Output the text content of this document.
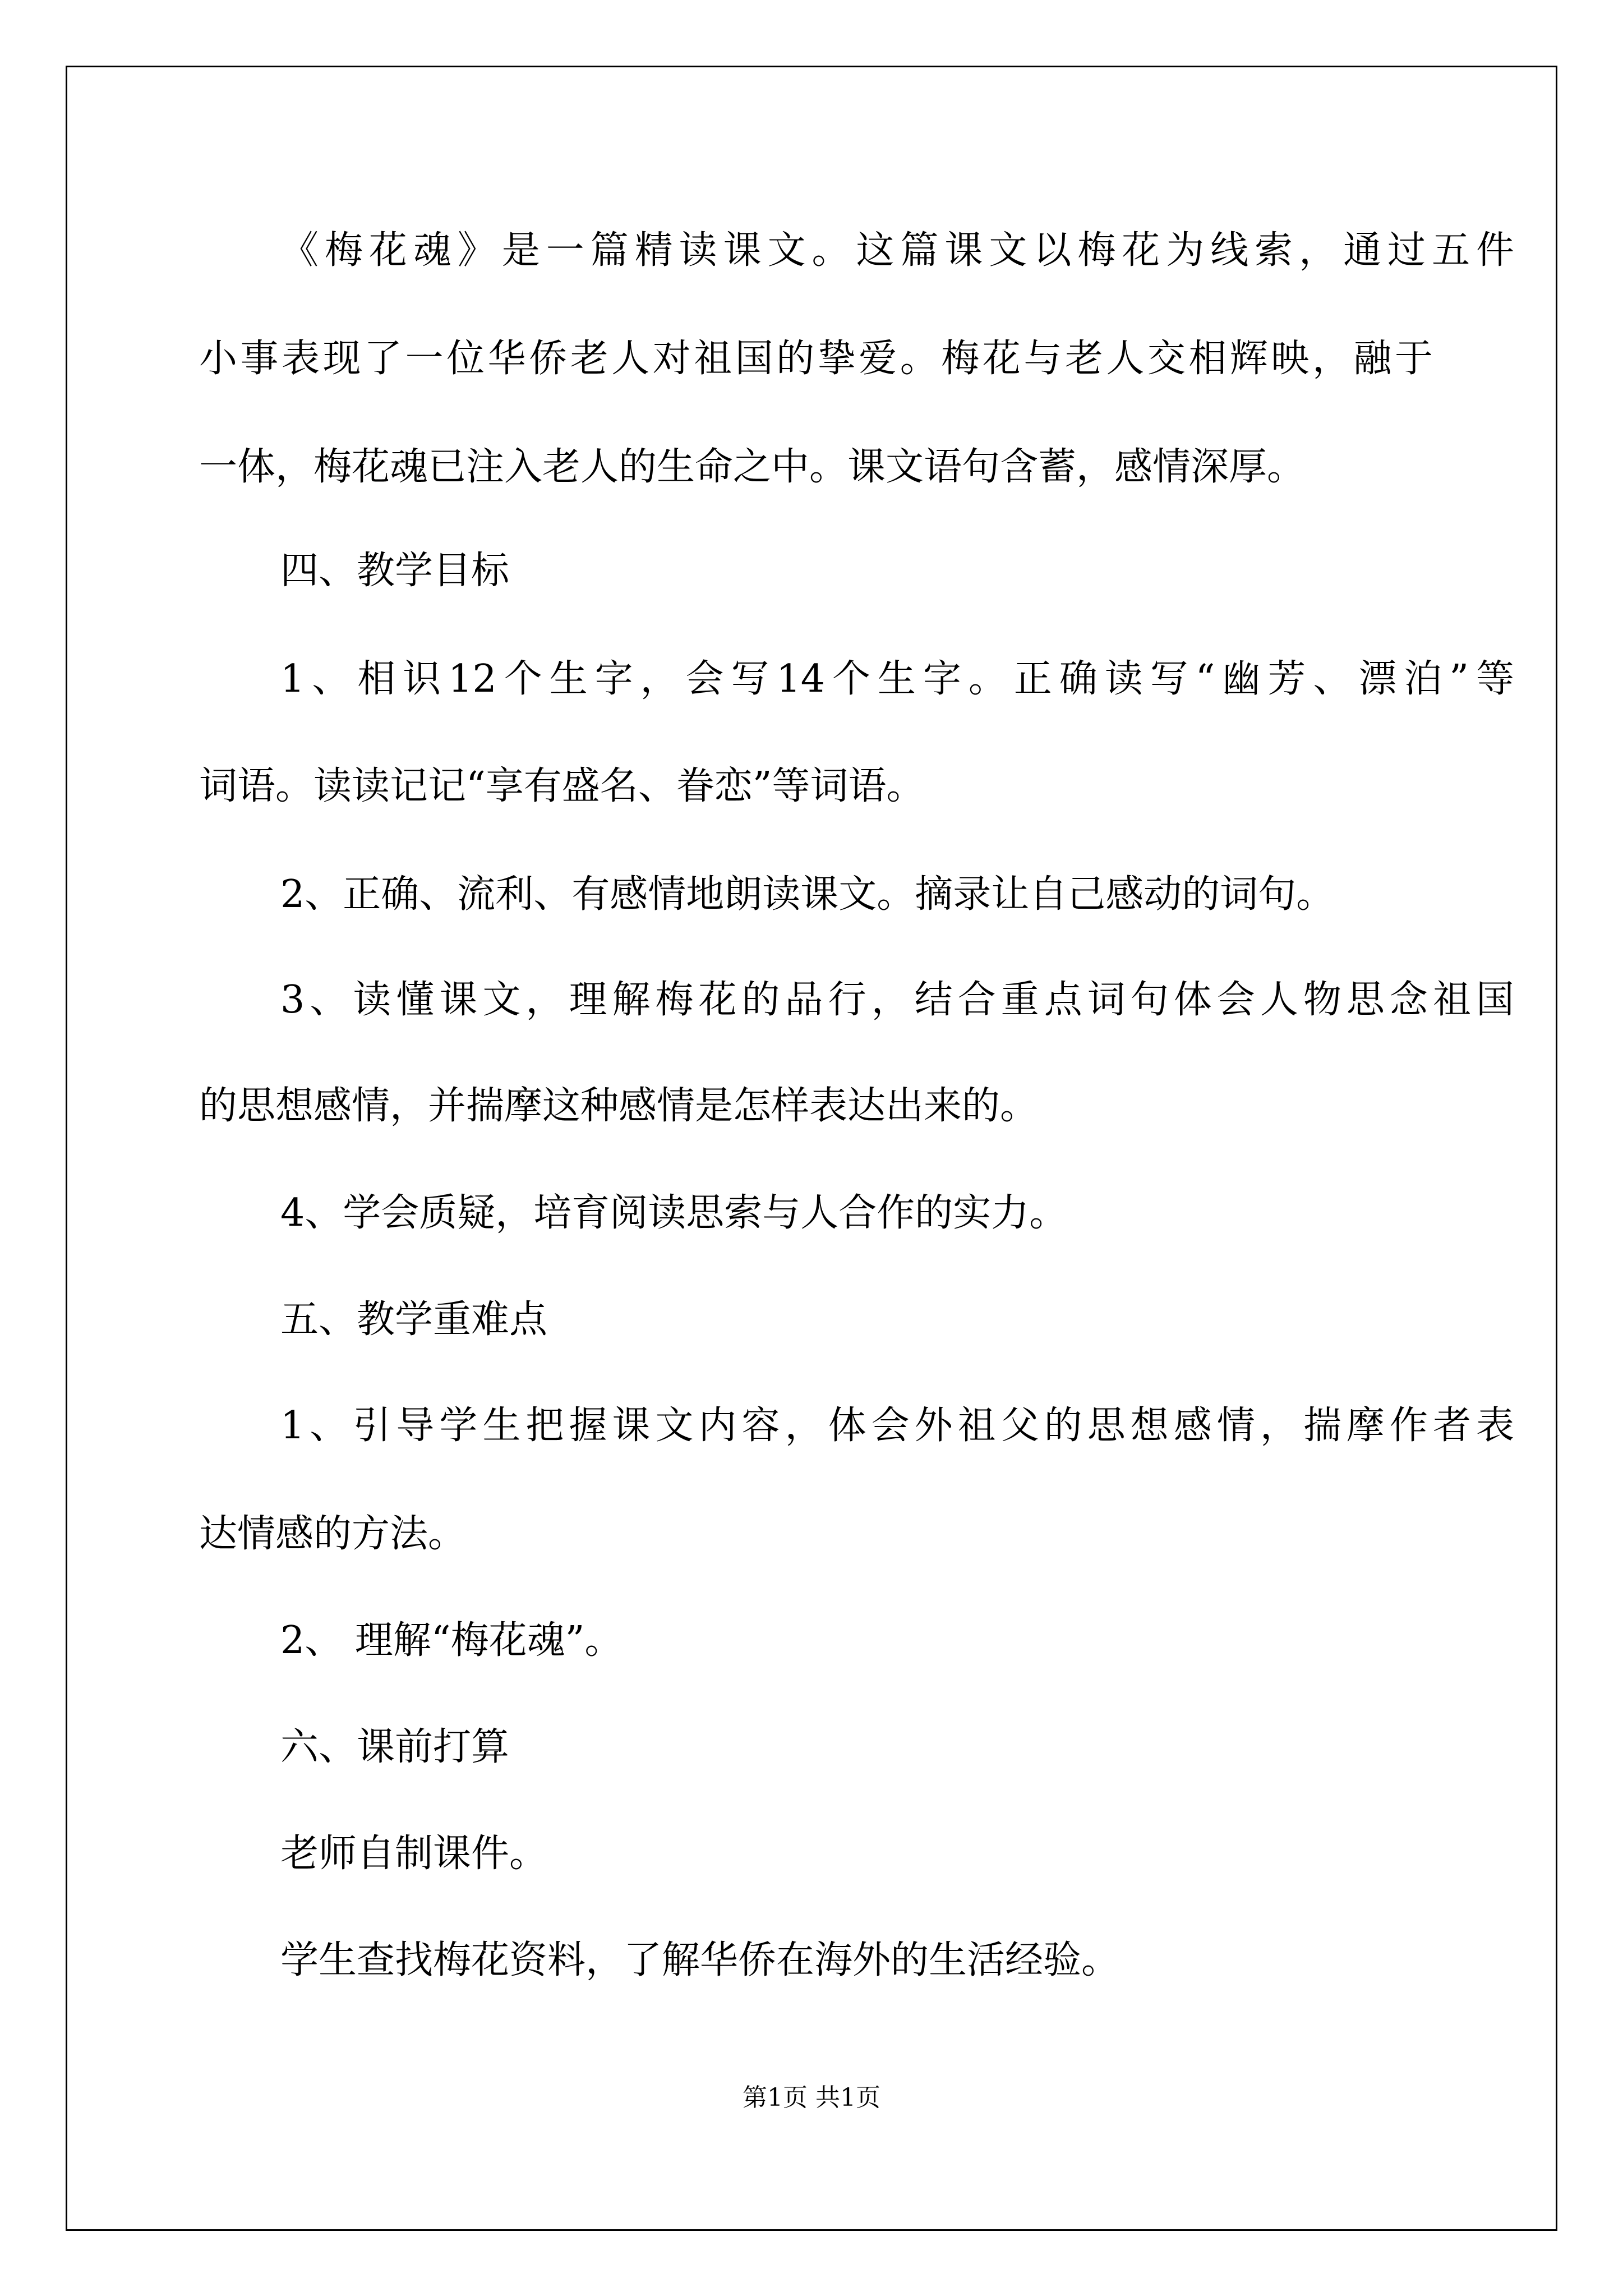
《梅花魂》是一篇精读课文。这篇课文以梅花为线索，通过五件
小事表现了一位华侨老人对祖国的挚爱。梅花与老人交相辉映，融于
一体，梅花魂已注入老人的生命之中。课文语句含蓄，感情深厚。
四、教学目标
1、相识12个生字，会写14个生字。正确读写“幽芳、漂泊”等
词语。读读记记“享有盛名、眷恋”等词语。
2、正确、流利、有感情地朗读课文。摘录让自己感动的词句。
3、读懂课文，理解梅花的品行，结合重点词句体会人物思念祖国
的思想感情，并揣摩这种感情是怎样表达出来的。
4、学会质疑，培育阅读思索与人合作的实力。
五、教学重难点
1、引导学生把握课文内容，体会外祖父的思想感情，揣摩作者表
达情感的方法。
2、 理解“梅花魂”。
六、课前打算
老师自制课件。
学生查找梅花资料，了解华侨在海外的生活经验。
第1页 共1页
